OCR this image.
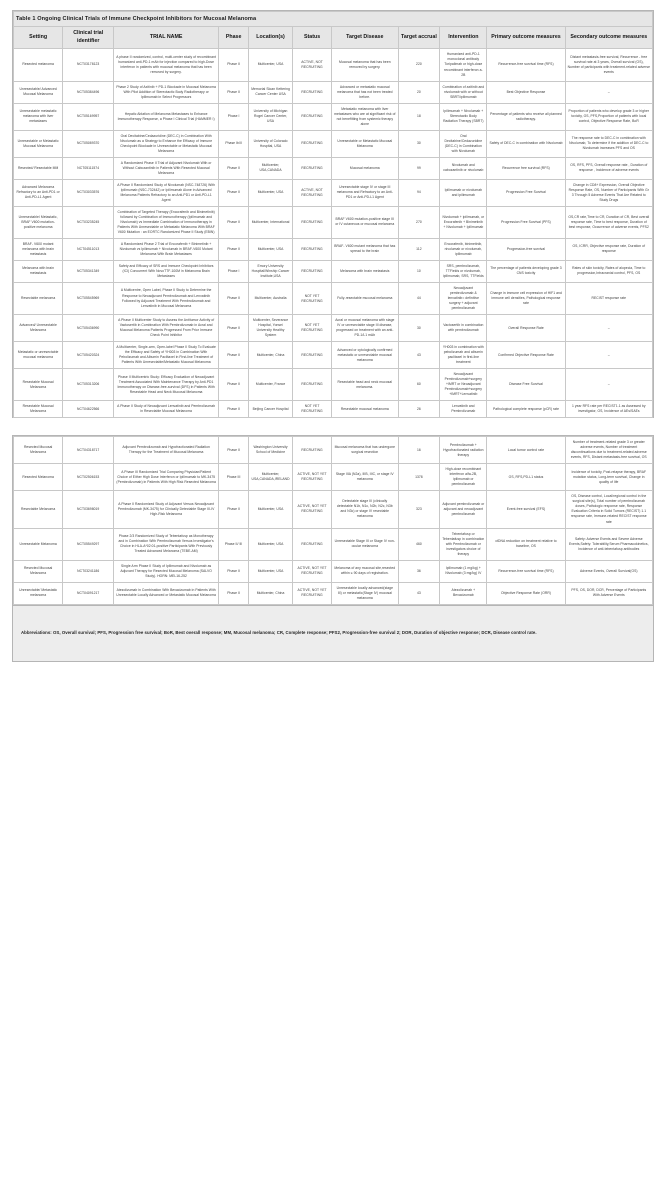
Table 1 Ongoing Clinical Trials of Immune Checkpoint Inhibitors for Mucosal Melanoma										
Setting	Clinical trial identifier	TRIAL NAME	Phase	Location(s)	Status	Target Disease	Target accrual	Intervention	Primary outcome measures	Secondary outcome measures
Resected melanoma	NCT03178123	A phase II randomized, control, multi-center study of recombinant humanized anti-PD-1 mAb for injection compared to high-Dose interferon in patients with mucosal melanoma that has been removed by surgery.	Phase II	Multicenter, USA	ACTIVE, NOT RECRUITING	Mucosal melanoma that has been removed by surgery.	220	Humanized anti-PD-1 monoclonal antibody Toripalimab or high-dose recombinant interferon a-2B	Recurrence-free survival time (RFS)	Distant metastasis-free survival, Recurrence - free survival rate at 3 years, Overall survival (OS), Number of participants with treatment-related adverse events
Unresectable/ Advanced Mucosal Melanoma	NCT05384496	Phase 2 Study of Axitinib + PD-1 Blockade in Mucosal Melanoma With Pilot Addition of Stereotactic Body Radiotherapy or Ipilimumab in Select Progressors	Phase II	Memorial Sloan Kettering Cancer Center USA	RECRUITING	Advanced or metastatic mucosal melanoma that has not been treated before.	20	Combination of axitinib and nivolumab with or without SBRT/ipilimumab	Best Objective Response	–
Unresectable metastatic melanoma with liver metastases	NCT05169957	Hepatic Ablation of Melanoma Metastases to Enhance Immunotherapy Response, a Phase I Clinical Trial (HAMMER I)	Phase I	University of Michigan Rogel Cancer Center, USA	RECRUITING	Metastatic melanoma with liver metastases who are at significant risk of not benefitting from systemic therapy alone	18	Ipilimumab + Nivolumab + Stereotactic Body Radiation Therapy (SBRT)	Percentage of patients who receive all planned radiotherapy.	Proportion of patients who develop grade 3 or higher toxicity, OS, PFS,Proportion of patients with local control, Objective Response Rate, BoR
Unresectable or Metastatic Mucosal Melanoma	NCT05089370	Oral Decitabine/Cedazuridine (DEC-C) in Combination With Nivolumab as a Strategy to Enhance the Efficacy of Immune Checkpoint Blockade in Unresectable or Metastatic Mucosal Melanoma	Phase Ib/II	University of Colorado Hospital, USA	RECRUITING	Unresectable or Metastatic Mucosal Melanoma	30	Oral Decitabine/Cedazuridine (DEC-C) in Combination with Nivolumab	Safety of DEC-C in combination with Nivolumab	The response rate to DEC-C in combination with Nivolumab, To determine if the addition of DEC-C to Nivolumab increases PFS and OS
Resected/ Resectable MM	NCT05111574	A Randomized Phase II Trial of Adjuvant Nivolumab With or Without Cabozantinib in Patients With Resected Mucosal Melanoma	Phase II	Multicenter, USA,CANADA	RECRUITING	Mucosal melanoma	99	Nivolumab and cabozantinib or nivolumab	Recurrence free survival (RFS)	OS, RFS, PFS, Overall response rate , Duration of response , Incidence of adverse events
Advanced Melanoma Refractory to an Anti-PD1 or Anti-PD-L1 Agent	NCT03033576	A Phase II Randomized Study of Nivolumab (NSC-748726) With Ipilimumab (NSC-732442) or Ipilimumab Alone in Advanced Melanoma Patients Refractory to an Anti-PD1 or Anti-PD-L1 Agent	Phase II	Multicenter, USA	ACTIVE, NOT RECRUITING	Unresectable stage IV or stage III melanoma and Refractory to an Anti-PD1 or Anti-PD-L1 Agent	94	Ipilimumab or nivolumab and ipilimumab	Progression Free Survival	Change in CD8+ Expression, Overall Objective Response Rate, OS, Number of Participants With Gr 3 Through 5 Adverse Events That Are Related to Study Drugs
Unresectable/ Metastatic, BRAF V600 mutation-positive melanoma	NCT03235245	Combination of Targeted Therapy (Encorafenib and Binimetinib) followed by Combination of Immunotherapy (Ipilimumab and Nivolumab) vs Immediate Combination of Immunotherapy in Patients With Unresectable or Metastatic Melanoma With BRAF V600 Mutation : an EORTC Randomized Phase II Study (EBIN)	Phase II	Multicenter, International	RECRUITING	BRAF V600 mutation-positive stage III or IV cutaneous or mucosal melanoma	270	Nivolumab + ipilimumab, or Encorafenib + Binimetinib + Nivolumab + Ipilimumab	Progression Free Survival (PFS)	OS,CR rate,Time to CR, Duration of CR, Best overall response rate, Time to best response, Duration of best response, Occurrence of adverse events, PFS2
BRAF- V600 mutant melanoma with brain metastasis	NCT04511013	A Randomized Phase 2 Trial of Encorafenib + Binimetinib + Nivolumab vs Ipilimumab + Nivolumab in BRAF-V600 Mutant Melanoma With Brain Metastases	Phase II	Multicenter, USA	RECRUITING	BRAF- V600 mutant melanoma that has spread to the brain	112	Encorafenib, binimetinib, nivolumab or nivolumab, ipilimumab	Progression-free survival	OS, ICRR, Objective response rate, Duration of response
Melanoma with brain metastasis	NCT05341349	Safety and Efficacy of SRS and Immune Checkpoint Inhibitors (ICI) Concurrent With NovoTTF-100M in Melanoma Brain Metastases	Phase I	Emory University Hospital/Winship Cancer Institute,USA	RECRUITING	Melanoma with brain metastasis	10	SRS, pembrolizumab, TTFields or nivolumab, ipilimumab, SRS, TTFields	The percentage of patients developing grade 3 CNS toxicity	Rates of skin toxicity, Rates of alopecia, Time to progression,Intracranial control, PFS, OS
Resectable melanoma	NCT05545969	A Multicentre, Open Label, Phase II Study to Determine the Response to Neoadjuvant Pembrolizumab and Lenvatinib Followed by Adjuvant Treatment With Pembrolizumab and Lenvatinib in Mucosal Melanoma	Phase II	Multicenter, Australia	NOT YET RECRUITING	Fully-resectable mucosal melanoma	44	Neoadjuvant pembrolizumab & lenvatinib= definitive surgery + adjuvant pembrolizumab	Change in immune cell expression of HIF1 and immune cell densities, Pathological response rate	RECIST response rate
Advanced/ Unresectable Melanoma	NCT05436990	A Phase II Multicenter Study to Assess the Antitumor Activity of Vactosertib in Combination With Pembrolizumab in Acral and Mucosal Melanoma Patients Progressed From Prior Immune Check Point Inhibitor	Phase II	Multicenter, Severance Hospital, Yonsei University Healthy System	NOT YET RECRUITING	Acral or mucosal melanoma with stage IV or unresectable stage III disease, progressed on treatment with an anti-PD-1/L1 mAb	30	Vactosertib in combination with pembrolizumab	Overall Response Rate	–
Metastatic or unresectable mucosal melanoma	NCT05420324	A Multicenter, Single-arm, Open-label Phase II Study To Evaluate the Efficacy and Safety of YH003 in Combination With Pebolizumab and Albumin Paclitaxel in First-line Treatment of Patients With Unresectable/Metastatic Mucosal Melanoma	Phase II	Multicenter, China	RECRUITING	Advanced or cytologically confirmed metastatic or unresectable mucosal melanoma	43	YH003 in combination with pebolizumab and albumin paclitaxel in first-line treatment	Confirmed Objective Response Rate	–
Resectable Mucosal Melanoma	NCT05313206	Phase II Multicentric Study: Efficacy Evaluation of Neoadjuvant Treatment Associated With Maintenance Therapy by Anti-PD1 Immunotherapy on Disease-free-survival (DFS) in Patients With Resectable Head and Neck Mucosal Melanoma	Phase II	Multicenter, France	RECRUITING	Resectable head and neck mucosal melanoma.	60	Neoadjuvant Pembrolizumab+surgery +IMRT or Neoadjuvant Pembrolizumab+surgery +IMRT+Lenvatinib	Disease Free Survival	–
Resectable Mucosal Melanoma	NCT04622566	A Phase II Study of Neoadjuvant Lenvatinib and Pembrolizumab in Resectable Mucosal Melanoma	Phase II	Beijing Cancer Hospital	NOT YET RECRUITING	Resectable mucosal melanoma	26	Lenvatinib and Pembrolizumab	Pathological complete response (pCR) rate	1 year RFS rate per RECIST1.1 as Assessed by investigator, OS, Incidence of AEs/SAEs
Resected Mucosal Melanoma	NCT04318717	Adjuvant Pembrolizumab and Hypofractionated Radiation Therapy for the Treatment of Mucosal Melanoma	Phase II	Washington University School of Medicine	RECRUITING	Mucosal melanoma that has undergone surgical resection	16	Pembrolizumab + Hypofractionated radiation therapy	Local tumor control rate	Number of treatment-related grade 3 or greater adverse events, Number of treatment discontinuations due to treatment-related adverse events, RFS, Distant metastasis-free survival, OS
Resected Melanoma	NCT02506153	A Phase III Randomized Trial Comparing Physician/Patient Choice of Either High Dose Interferon or Ipilimumab to MK-3475 (Pembrolizumab) in Patients With High Risk Resected Melanoma	Phase III	Multicenter, USA,CANADA,IRELAND	ACTIVE, NOT YET RECRUITING	Stage IIIA (N2a), IIIB, IIIC, or stage IV melanoma	1378	High-dose recombinant interferon alfa-2B, ipilimumab or pembrolizumab	OS, RFS,PD-L1 status	Incidence of toxicity, Post-relapse therapy, BRAF mutation status, Long-term survival, Change in quality of life
Resectable Melanoma	NCT03698019	A Phase II Randomized Study of Adjuvant Versus Neoadjuvant Pembrolizumab (MK-3475) for Clinically Detectable Stage III-IV High-Risk Melanoma	Phase II	Multicenter, USA	ACTIVE, NOT YET RECRUITING	Detectable stage III (clinically detectable N1b, N1c, N2b, N2c, N3b and N3c) or stage IV resectable melanoma	323	Adjuvant pembrolizumab or adjuvant and neoadjuvant pembrolizumab	Event-free survival (EFS)	OS, Disease control, Local/regional control in the surgical site(s), Total number of pembrolizumab doses, Pathologic response rate, Response Evaluation Criteria in Solid Tumors (RECIST) 1.1 response rate, Immune-related RECIST response rate
Unresectable Melanoma	NCT05549297	Phase 2/3 Randomized Study of Tebentafusp as Monotherapy and in Combination With Pembrolizumab Versus Investigator's Choice in HLA-A*02:01-positive Participants With Previously Treated Advanced Melanoma (TEBE-AM)	Phase II/ III	Multicenter, USA	RECRUITING	Unresectable Stage III or Stage IV non-ocular melanoma	460	Tebentafusp or Tebentafusp in combination with Pembrolizumab or investigators choice of therapy	ctDNA reduction on treatment relative to baseline, OS	Safety: Adverse Events and Severe Adverse Events,Safety: Tolerability,Serum Pharmacokinetics, Incidence of anti-tebentafusp antibodies
Resected Mucosal Melanoma	NCT03241186	Single Arm Phase II Study of Ipilimumab and Nivolumab as Adjuvant Therapy for Resected Mucosal Melanoma (SALVO Study). HORN: MEL16-252	Phase II	Multicenter, USA	ACTIVE, NOT YET RECRUITING	Melanoma of any mucosal site,resected within ≤ 90 days of registration.	36	Ipilimumab (1 mg/kg) + Nivolumab (3 mg/kg) IV	Recurrence-free survival time (RFS)	Adverse Events, Overall Survival(OS)
Unresectable/ Metastatic melanoma	NCT04091217	Atezolizumab in Combination With Bevacizumab in Patients With Unresectable Locally Advanced or Metastatic Mucosal Melanoma	Phase II	Multicenter, China	ACTIVE, NOT YET RECRUITING	Unresectable locally advanced(stage III) or metastatic(Stage IV) mucosal melanoma	43	Atezolizumab + Bevacizumab	Objective Response Rate (ORR)	PFS, OS, DOR, DCR, Percentage of Participants With Adverse Events
Abbreviations: OS, Overall survival; PFS, Progression free survival; BoR, Best overall response; MM, Mucosal melanoma; CR, Complete response; PFS2, Progression-free survival 2; DOR, Duration of objective response; DCR, Disease control rate.
